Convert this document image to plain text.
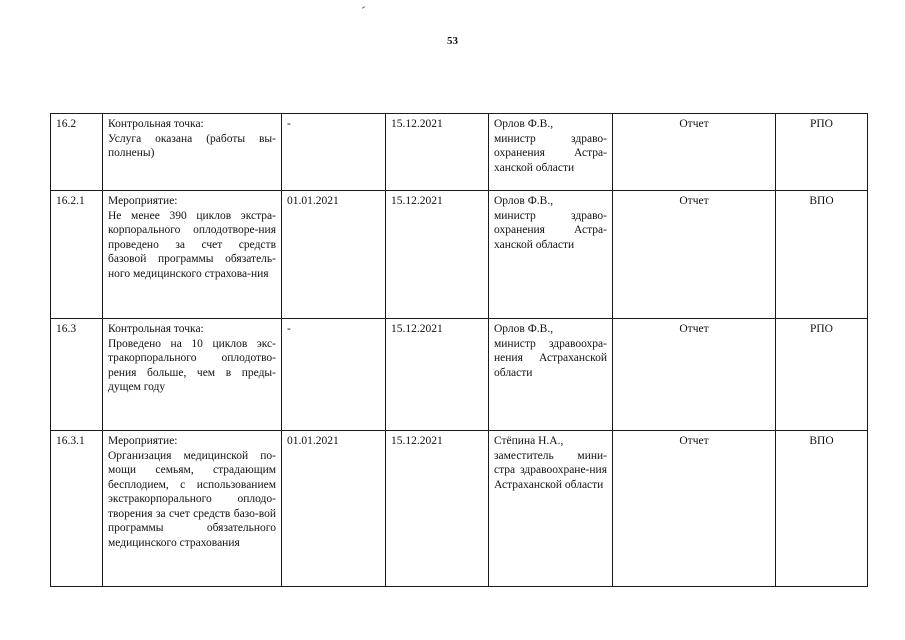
53
16.2	Контрольная точка:
Услуга оказана (работы вы-полнены)	-	15.12.2021	Орлов Ф.В.,
министр здраво-охранения Астра-ханской области	Отчет	РПО
16.2.1	Мероприятие:
Не менее 390 циклов экстра-корпорального оплодотворе-ния проведено за счет средств базовой программы обязатель-ного медицинского страхова-ния	01.01.2021	15.12.2021	Орлов Ф.В.,
министр здраво-охранения Астра-ханской области	Отчет	ВПО
16.3	Контрольная точка:
Проведено на 10 циклов экс-тракорпорального оплодотво-рения больше, чем в преды-дущем году	-	15.12.2021	Орлов Ф.В.,
министр здравоохра-нения Астраханской области	Отчет	РПО
16.3.1	Мероприятие:
Организация медицинской по-мощи семьям, страдающим бесплодием, с использованием экстракорпорального оплодо-творения за счет средств базо-вой программы обязательного медицинского страхования	01.01.2021	15.12.2021	Стёпина Н.А.,
заместитель мини-стра здравоохране-ния Астраханской области	Отчет	ВПО
